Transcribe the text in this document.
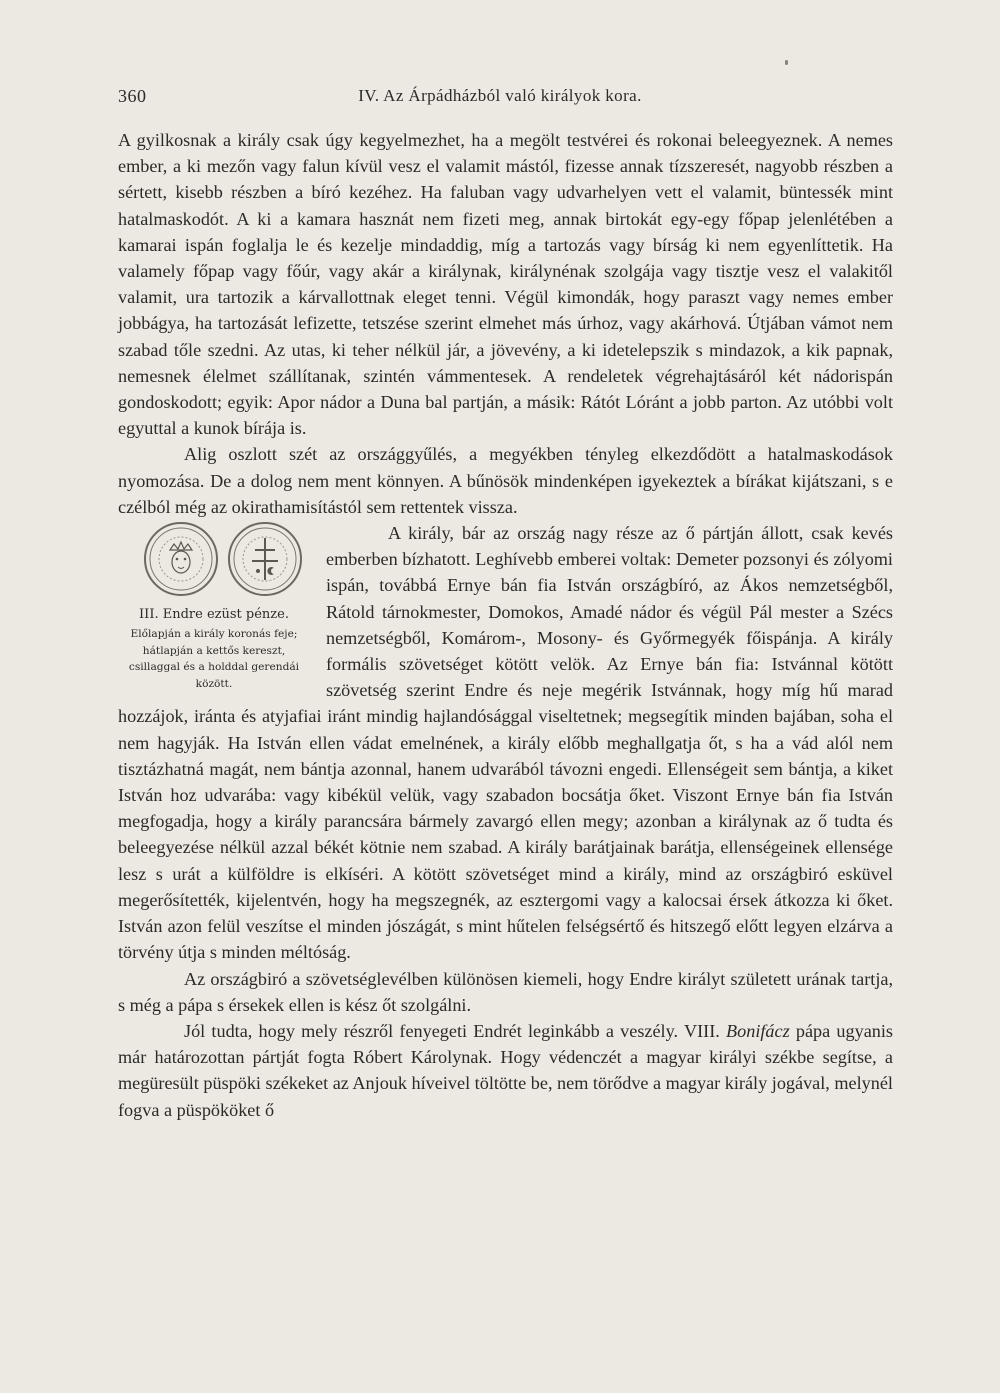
360	IV. Az Árpádházból való királyok kora.

A gyilkosnak a király csak úgy kegyelmezhet, ha a megölt testvérei és rokonai beleegyeznek. A nemes ember, a ki mezőn vagy falun kívül vesz el valamit mástól, fizesse annak tízszeresét, nagyobb részben a sértett, kisebb részben a bíró kezéhez. Ha faluban vagy udvarhelyen vett el valamit, büntessék mint hatalmaskodót. A ki a kamara hasznát nem fizeti meg, annak birtokát egy-egy főpap jelenlétében a kamarai ispán foglalja le és kezelje mindaddig, míg a tartozás vagy bírság ki nem egyenlíttetik. Ha valamely főpap vagy főúr, vagy akár a királynak, királynénak szolgája vagy tisztje vesz el valakitől valamit, ura tartozik a kárvallottnak eleget tenni. Végül kimondák, hogy paraszt vagy nemes ember jobbágya, ha tartozását lefizette, tetszése szerint elmehet más úrhoz, vagy akárhová. Útjában vámot nem szabad tőle szedni. Az utas, ki teher nélkül jár, a jövevény, a ki idetelepszik s mindazok, a kik papnak, nemesnek élelmet szállítanak, szintén vámmentesek. A rendeletek végrehajtásáról két nádorispán gondoskodott; egyik: Apor nádor a Duna bal partján, a másik: Rátót Lóránt a jobb parton. Az utóbbi volt egyuttal a kunok bírája is.

Alig oszlott szét az országgyűlés, a megyékben tényleg elkezdődött a hatalmaskodások nyomozása. De a dolog nem ment könnyen. A bűnösök mindenképen igyekeztek a bírákat kijátszani, s e czélból még az okirathamisítástól sem rettentek vissza.

III. Endre ezüst pénze.
Előlapján a király koronás feje; hátlapján a kettős kereszt, csillaggal és a holddal gerendái között.

A király, bár az ország nagy része az ő pártján állott, csak kevés emberben bízhatott. Leghívebb emberei voltak: Demeter pozsonyi és zólyomi ispán, továbbá Ernye bán fia István országbíró, az Ákos nemzetségből, Rátold tárnokmester, Domokos, Amadé nádor és végül Pál mester a Szécs nemzetségből, Komárom-, Mosony- és Győrmegyék főispánja. A király formális szövetséget kötött velök. Az Ernye bán fia: Istvánnal kötött szövetség szerint Endre és neje megérik Istvánnak, hogy míg hű marad hozzájok, iránta és atyjafiai iránt mindig hajlandósággal viseltetnek; megsegítik minden bajában, soha el nem hagyják. Ha István ellen vádat emelnének, a király előbb meghallgatja őt, s ha a vád alól nem tisztázhatná magát, nem bántja azonnal, hanem udvarából távozni engedi. Ellenségeit sem bántja, a kiket István hoz udvarába: vagy kibékül velük, vagy szabadon bocsátja őket. Viszont Ernye bán fia István megfogadja, hogy a király parancsára bármely zavargó ellen megy; azonban a királynak az ő tudta és beleegyezése nélkül azzal békét kötnie nem szabad. A király barátjainak barátja, ellenségeinek ellensége lesz s urát a külföldre is elkíséri. A kötött szövetséget mind a király, mind az országbiró esküvel megerősítették, kijelentvén, hogy ha megszegnék, az esztergomi vagy a kalocsai érsek átkozza ki őket. István azon felül veszítse el minden jószágát, s mint hűtelen felségsértő és hitszegő előtt legyen elzárva a törvény útja s minden méltóság.

Az országbiró a szövetséglevélben különösen kiemeli, hogy Endre királyt született urának tartja, s még a pápa s érsekek ellen is kész őt szolgálni.

Jól tudta, hogy mely részről fenyegeti Endrét leginkább a veszély. VIII. Bonifácz pápa ugyanis már határozottan pártját fogta Róbert Károlynak. Hogy védenczét a magyar királyi székbe segítse, a megüresült püspöki székeket az Anjouk híveivel töltötte be, nem törődve a magyar király jogával, melynél fogva a püspököket ő
